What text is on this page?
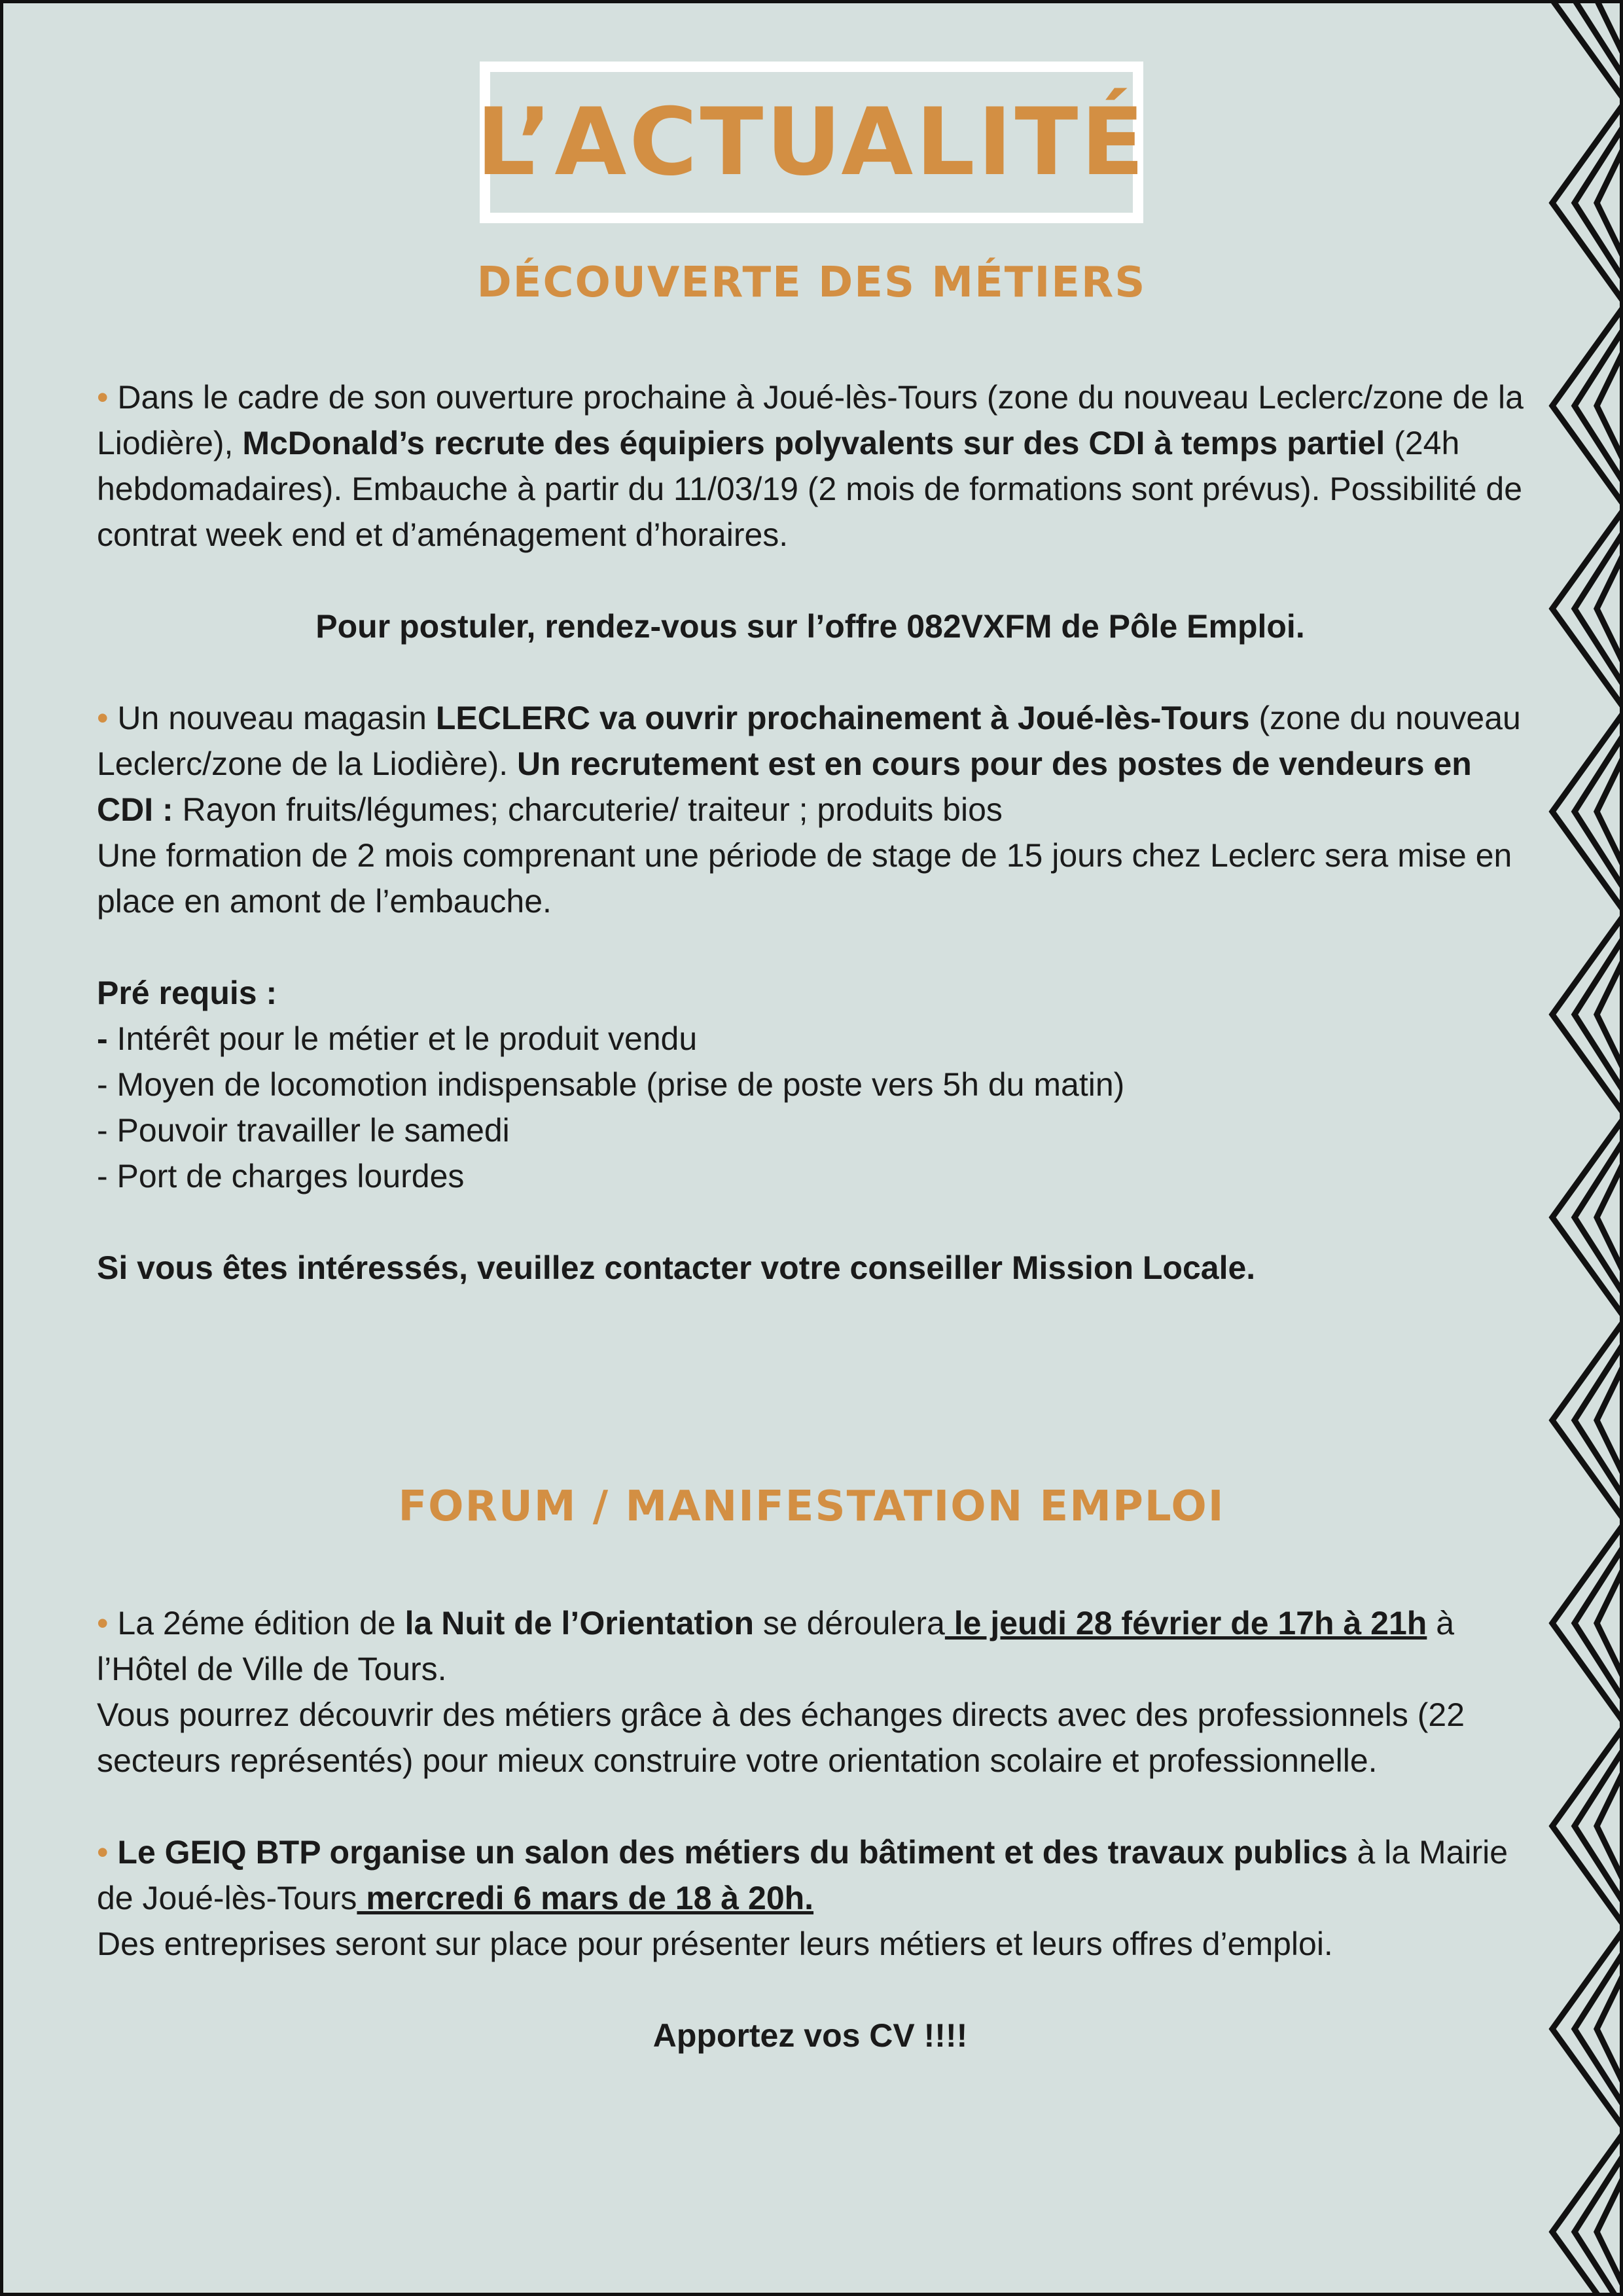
L’ACTUALITÉ
DÉCOUVERTE DES MÉTIERS

• Dans le cadre de son ouverture prochaine à Joué-lès-Tours (zone du nouveau Leclerc/zone de la Liodière), McDonald’s recrute des équipiers polyvalents sur des CDI à temps partiel (24h hebdomadaires). Embauche à partir du 11/03/19 (2 mois de formations sont prévus). Possibilité de contrat week end et d’aménagement d’horaires.

Pour postuler, rendez-vous sur l’offre 082VXFM de Pôle Emploi.

• Un nouveau magasin LECLERC va ouvrir prochainement à Joué-lès-Tours (zone du nouveau Leclerc/zone de la Liodière). Un recrutement est en cours pour des postes de vendeurs en CDI : Rayon fruits/légumes; charcuterie/ traiteur ; produits bios

Une formation de 2 mois comprenant une période de stage de 15 jours chez Leclerc sera mise en place en amont de l’embauche.

Pré requis :

- Intérêt pour le métier et le produit vendu

- Moyen de locomotion indispensable (prise de poste vers 5h du matin)

- Pouvoir travailler le samedi

- Port de charges lourdes

Si vous êtes intéressés, veuillez contacter votre conseiller Mission Locale.

FORUM / MANIFESTATION EMPLOI

• La 2éme édition de la Nuit de l’Orientation se déroulera le jeudi 28 février de 17h à 21h à l’Hôtel de Ville de Tours.

Vous pourrez découvrir des métiers grâce à des échanges directs avec des professionnels (22 secteurs représentés) pour mieux construire votre orientation scolaire et professionnelle.

• Le GEIQ BTP organise un salon des métiers du bâtiment et des travaux publics à la Mairie de Joué-lès-Tours mercredi 6 mars de 18 à 20h.

Des entreprises seront sur place pour présenter leurs métiers et leurs offres d’emploi.

Apportez vos CV !!!!
